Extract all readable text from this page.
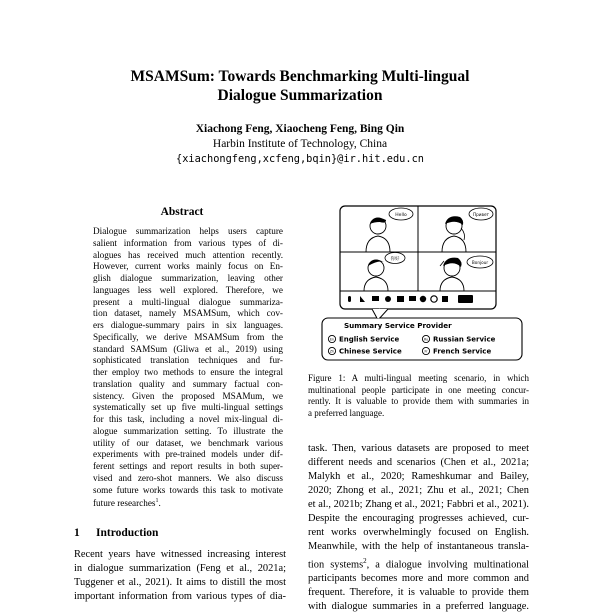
MSAMSum: Towards Benchmarking Multi-lingual
Dialogue Summarization
Xiachong Feng, Xiaocheng Feng, Bing Qin
Harbin Institute of Technology, China
{xiachongfeng,xcfeng,bqin}@ir.hit.edu.cn
Abstract
Dialogue summarization helps users capture
salient information from various types of di-
alogues has received much attention recently.
However, current works mainly focus on En-
glish dialogue summarization, leaving other
languages less well explored. Therefore, we
present a multi-lingual dialogue summariza-
tion dataset, namely MSAMSum, which cov-
ers dialogue-summary pairs in six languages.
Specifically, we derive MSAMSum from the
standard SAMSum (Gliwa et al., 2019) using
sophisticated translation techniques and fur-
ther employ two methods to ensure the integral
translation quality and summary factual con-
sistency. Given the proposed MSAMum, we
systematically set up five multi-lingual settings
for this task, including a novel mix-lingual di-
alogue summarization setting. To illustrate the
utility of our dataset, we benchmark various
experiments with pre-trained models under dif-
ferent settings and report results in both super-
vised and zero-shot manners. We also discuss
some future works towards this task to motivate
future researches$^1$.
1 Introduction
Recent years have witnessed increasing interest
in dialogue summarization (Feng et al., 2021a;
Tuggener et al., 2021). It aims to distill the most
important information from various types of dia-
Hello	Привет
你好
Bonjour
Summary Service Provider
En English Service	Ru Russian Service
Zh Chinese Service	Fr French Service
Figure 1: A multi-lingual meeting scenario, in which
multinational people participate in one meeting concur-
rently. It is valuable to provide them with summaries in
a preferred language.
task. Then, various datasets are proposed to meet
different needs and scenarios (Chen et al., 2021a;
Malykh et al., 2020; Rameshkumar and Bailey,
2020; Zhong et al., 2021; Zhu et al., 2021; Chen
et al., 2021b; Zhang et al., 2021; Fabbri et al., 2021).
Despite the encouraging progresses achieved, cur-
rent works overwhelmingly focused on English.
Meanwhile, with the help of instantaneous transla-
tion systems$^2$, a dialogue involving multinational
participants becomes more and more common and
frequent. Therefore, it is valuable to provide them
with dialogue summaries in a preferred language.
